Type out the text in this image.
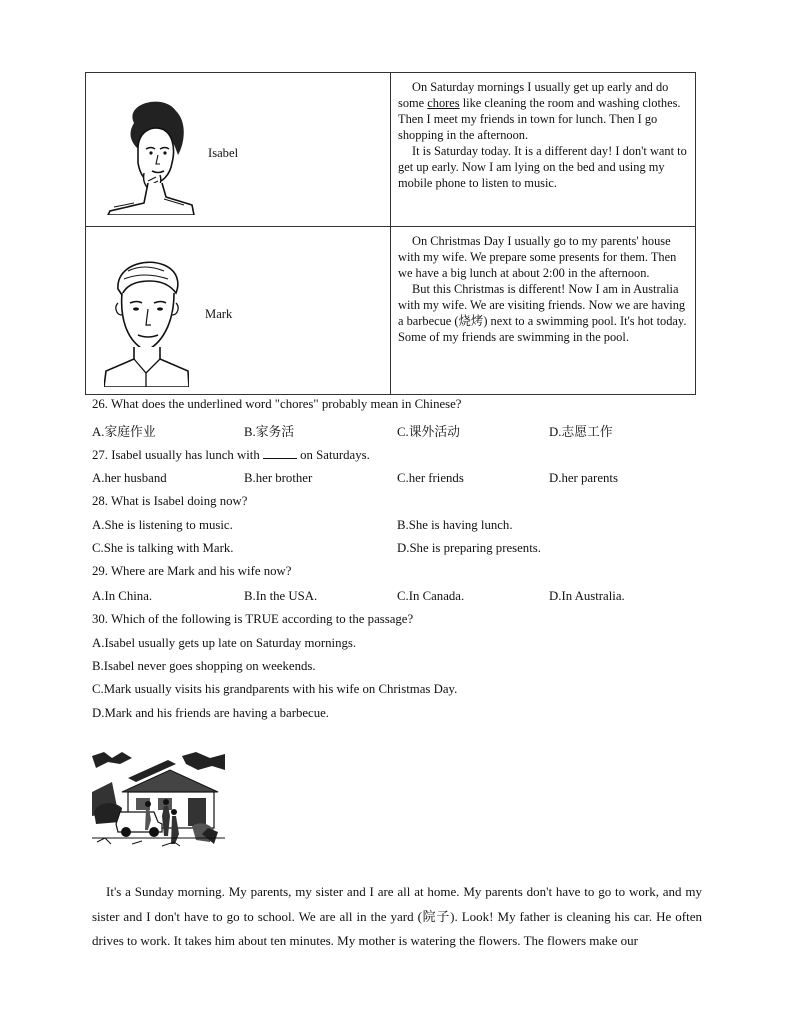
Isabel	On Saturday mornings I usually get up early and do some chores like cleaning the room and washing clothes. Then I meet my friends in town for lunch. Then I go shopping in the afternoon.

It is Saturday today. It is a different day! I don't want to get up early. Now I am lying on the bed and using my mobile phone to listen to music.

Mark	On Christmas Day I usually go to my parents' house with my wife. We prepare some presents for them. Then we have a big lunch at about 2:00 in the afternoon.

But this Christmas is different! Now I am in Australia with my wife. We are visiting friends. Now we are having a barbecue (烧烤) next to a swimming pool. It's hot today. Some of my friends are swimming in the pool.

26. What does the underlined word "chores" probably mean in Chinese?
A.家庭作业	B.家务活	C.课外活动	D.志愿工作
27. Isabel usually has lunch with	on Saturdays.
A.her husband	B.her brother	C.her friends	D.her parents
28. What is Isabel doing now?
A.She is listening to music.	B.She is having lunch.
C.She is talking with Mark.	D.She is preparing presents.
29. Where are Mark and his wife now?
A.In China.	B.In the USA.	C.In Canada.	D.In Australia.
30. Which of the following is TRUE according to the passage?
A.Isabel usually gets up late on Saturday mornings.
B.Isabel never goes shopping on weekends.
C.Mark usually visits his grandparents with his wife on Christmas Day.
D.Mark and his friends are having a barbecue.

It's a Sunday morning. My parents, my sister and I are all at home. My parents don't have to go to work, and my sister and I don't have to go to school. We are all in the yard (院子). Look! My father is cleaning his car. He often drives to work. It takes him about ten minutes. My mother is watering the flowers. The flowers make our
